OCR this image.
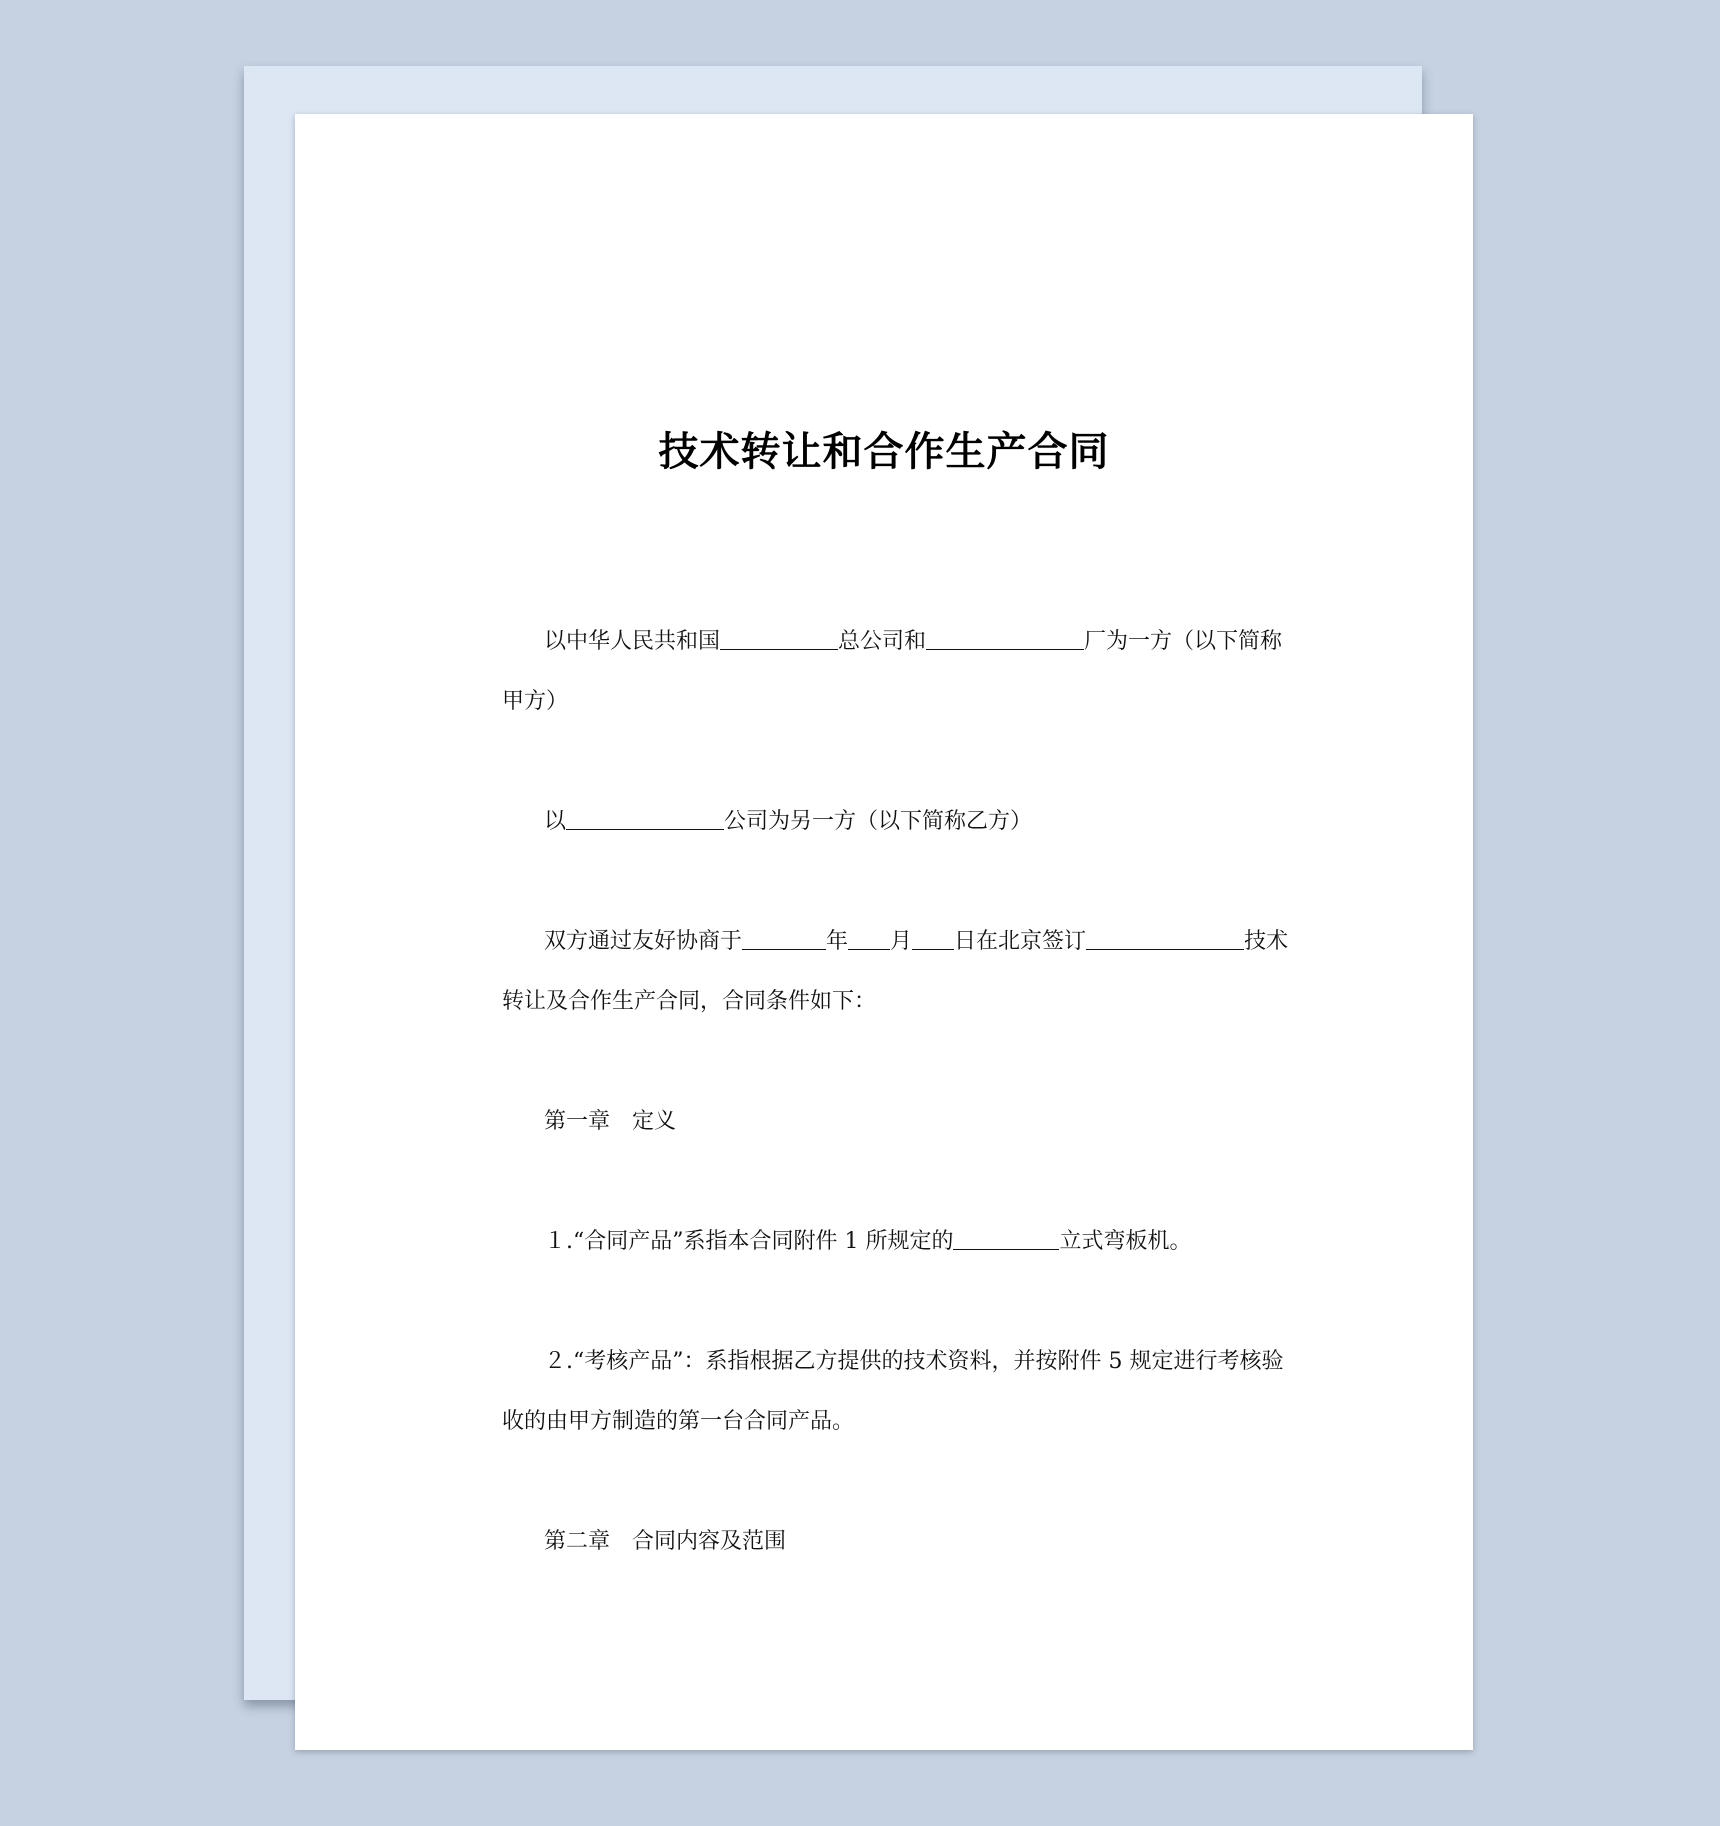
技术转让和合作生产合同

以中华人民共和国	总公司和	厂为一方（以下简称
甲方）

以	公司为另一方（以下简称乙方）

双方通过友好协商于	年 月 日在北京签订	技术
转让及合作生产合同，合同条件如下：

第一章　定义

１.“合同产品”系指本合同附件 1 所规定的	立式弯板机。

２.“考核产品”：系指根据乙方提供的技术资料，并按附件 5 规定进行考核验
收的由甲方制造的第一台合同产品。

第二章　合同内容及范围
